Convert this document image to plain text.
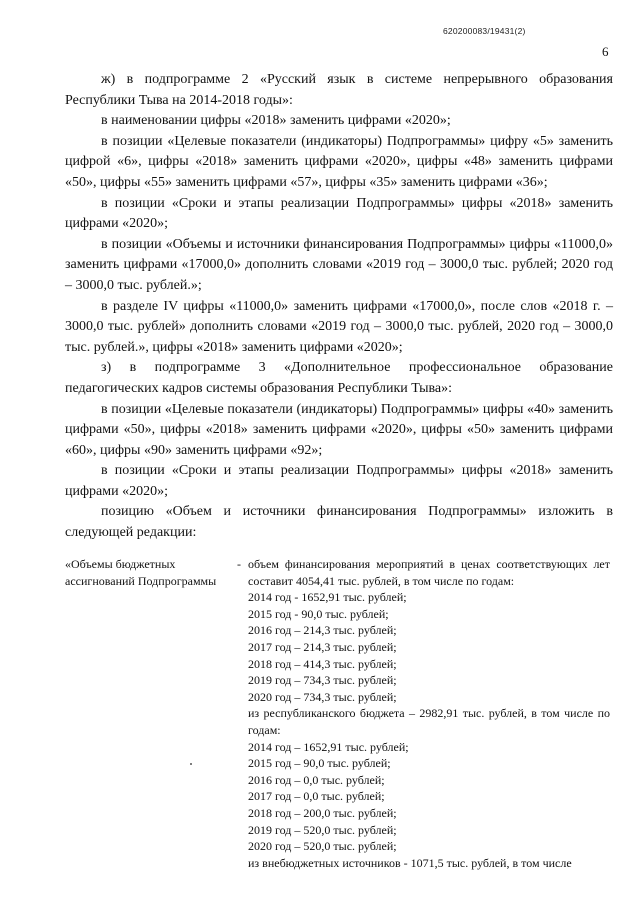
620200083/19431(2)
6

ж) в подпрограмме 2 «Русский язык в системе непрерывного образования Республики Тыва на 2014-2018 годы»:

в наименовании цифры «2018» заменить цифрами «2020»;

в позиции «Целевые показатели (индикаторы) Подпрограммы» цифру «5» заменить цифрой «6», цифры «2018» заменить цифрами «2020», цифры «48» заменить цифрами «50», цифры «55» заменить цифрами «57», цифры «35» заменить цифрами «36»;

в позиции «Сроки и этапы реализации Подпрограммы» цифры «2018» заменить цифрами «2020»;

в позиции «Объемы и источники финансирования Подпрограммы» цифры «11000,0» заменить цифрами «17000,0» дополнить словами «2019 год – 3000,0 тыс. рублей; 2020 год – 3000,0 тыс. рублей.»;

в разделе IV цифры «11000,0» заменить цифрами «17000,0», после слов «2018 г. – 3000,0 тыс. рублей» дополнить словами «2019 год – 3000,0 тыс. рублей, 2020 год – 3000,0 тыс. рублей.», цифры «2018» заменить цифрами «2020»;

з) в подпрограмме 3 «Дополнительное профессиональное образование педагогических кадров системы образования Республики Тыва»:

в позиции «Целевые показатели (индикаторы) Подпрограммы» цифры «40» заменить цифрами «50», цифры «2018» заменить цифрами «2020», цифры «50» заменить цифрами «60», цифры «90» заменить цифрами «92»;

в позиции «Сроки и этапы реализации Подпрограммы» цифры «2018» заменить цифрами «2020»;

позицию «Объем и источники финансирования Подпрограммы» изложить в следующей редакции:

«Объемы бюджетных ассигнований Подпрограммы
- объем финансирования мероприятий в ценах соответствующих лет составит 4054,41 тыс. рублей, в том числе по годам:
2014 год - 1652,91 тыс. рублей;
2015 год - 90,0 тыс. рублей;
2016 год – 214,3 тыс. рублей;
2017 год – 214,3 тыс. рублей;
2018 год – 414,3 тыс. рублей;
2019 год – 734,3 тыс. рублей;
2020 год – 734,3 тыс. рублей;
из республиканского бюджета – 2982,91 тыс. рублей, в том числе по годам:
2014 год – 1652,91 тыс. рублей;
2015 год – 90,0 тыс. рублей;
2016 год – 0,0 тыс. рублей;
2017 год – 0,0 тыс. рублей;
2018 год – 200,0 тыс. рублей;
2019 год – 520,0 тыс. рублей;
2020 год – 520,0 тыс. рублей;
из внебюджетных источников - 1071,5 тыс. рублей, в том числе
